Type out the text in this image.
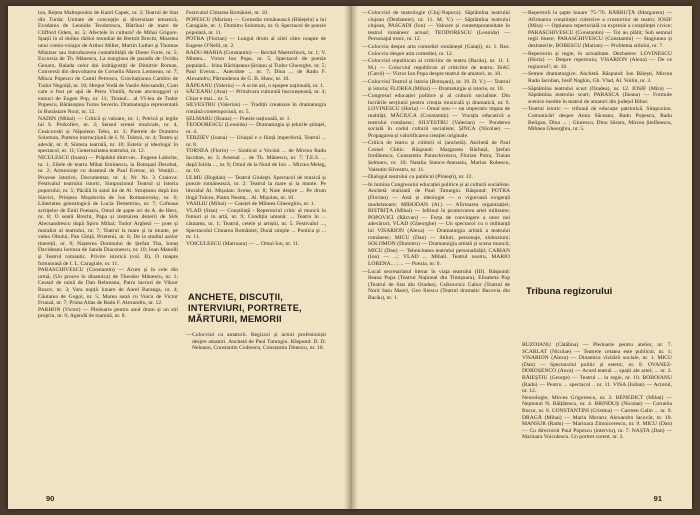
lon, Rețeta Maltopoulos de Karel Capek, nr. 3; Teatrul de Stat din Turda: Unitate de concepție și diversitate tematică, Evadarea de Leonida Teodorescu, Bătrînul de mare de Clifford Odets, nr. 5; Afectele în cultura? de Mihai Grigore. Spații în al doilea război mondial de Bertolt Brecht, Moartea unui comis-voiajor de Arthur Miller, Martin Luther și Thomas Müntzer sau Introducerea contabilității de Dieter Forte, nr. 5; Excursia de Th. Mănescu, La marginea de paradis de Ovidiu Genaru, Balada celor doi îndrăgostiți de Dimitrie Roman, Conversii din dezvoltarea de Corneliu Marcu Lemnean, nr. 7; Mînca Popescu de Camil Petrescu, Gravitațiunea Cambio de Tudor Negoiță, nr. 10; Hrepot Vodă de Vasile Alecsandri, Cum care a fost pe apă de Petru Vintilă, Acute ancinoggori și eunuci de Eugen Pop, nr. 11; Tiranul... al VI-lea de Tudor Popescu, Bărăsoștea Turnu Severin. Dramaturgia reprezentată în Bunăstare Noul, nr. 12.

NADIN (Mihai) — Critică și valoare, nr. 1; Petrică și legile lui S. Prokofiev, nr. 2; Sensul scenei muzicale, nr. 4, Ceaicovski și Năpoleon Tebu, nr. 3; Pietrele de Dumitru Solomon, Puterea instrucțiunii de I. N. Tolstoi, nr. 4; Teatru și adevăr, nr. 8; Sinteza teatrală, nr. 10; Estetic și ideologic în spectacol, nr. 11; Generozitatea teatrului, nr. 12.

NICULESCU (Ioana) — Prăpădul dintr-un... Eugene Labiche, nr. 1; Zilele de teatru Mihai Eminescu, la Botoșani Decebal, nr. 2; Armonioțe cu doamnă de Paul Everac, id. Vestiții... Procese istorice, Documentar, nr. 4; Nr. Nr. 3 Craiova: Festivalul teatrului istoric, Simpozionul Teatrul și Istoria poporului, nr. 5; Păcălă în satul lui de Al. Struțeanu după Ion Slavici, Prințesa Mușdovita de Ion Romanovsky, nr. 6; Libertatea genealogică de Lucia Demetrius, nr. 7; Cofeaua actrițelor de Emil Poenaru, Omul de șapte ori de A. de Herz, nr. 8; O seară Brecht, Papa și instruirea dezerii de Sirk Alecsandrescu după Spiro Mihai; Tudor Arghezi — poet și moralist al teatrului, nr. 7; Teatrul la mare și la munte, pe valea Oltului, Pan Ghiță, Prietenii, nr. 8; De la studiul anilor tinereții, nr. 9; Nașterea Domnului de Ștefan Tita, Ionuț Davideanu lorenza de Sanda Diaconescu, nr. 10; Ioan Manolli și Teatrul romantic. Privire istorică (vol. II), O noapte furtunoasă de I. L. Caragiale, nr. 11.

PARASCHIVESCU (Constantin) — Acum și în cele din urmă, (Un proces în dinamica) de Theodor Mănescu, nr. 1; Ceasul de taină de Dan Rebreanu, Patru lucruri de Viktor Rozov, nr. 3; Vara nopții lunare de Aurel Baranga, nr. 4; Căutarea de Gogol, nr. 5; Marea sună cu Voicu de Victor Frunză, nr. 7; Prima Atlas de Radu F. Alexandru, nr. 12.

PARHON (Victor) — Pledoarie pentru anul drum și un stil propriu, nr. 6; Agendă de toamnă, nr. 8.

Festivalul Cîntarea României, nr. 10.

POPESCU (Marian) — Comedia românească (Băiețelul a lui Caragiale, nr. 1; Dumitru Solomon, nr. 6; Spectacol de poezie populară, nr. 11.

POTRA (Florian) — Lungul drum al zilei către noapte de Eugene O'Neill, nr. 2.

RADU-MARIA (Constantin) — Recital Maeterlinck, nr. 1; V. Minteu... Victor Ion Popa, nr. 5; Spectacol de poezie populară... Irina Răchițeanu-Șirianu și Tudor Gheorghe, nr. 5; Paul Everac... Anecdote ... nr. 7; Dina ... de Radu F. Alexandru; Pătrunderea de G. B. Shaw, nr. 10.

RĂPEANU (Valeriu) — A scrie azi, o epopee națională, nr. 1.

SĂCEANU (Ana) — Primăvara culturală bucureșteană, nr. 4; Chiar e mai... nr. 5.

SILVESTRU (Valerian) — Tradiții creatoare în dramaturgia română contemporană, nr. 5.

ȘELMARU (Ileana) — Poezie națională, nr. 1.

TEODORESCU (Leonida) — Dramaturgia și țelurile științei, nr. 4.

TERZIEV (Ioana) — Uriașul e o ființă imperfectă, Teatrul ... nr. 8.

TORNEA (Florin) — Sindicul a Vecinii ... de Mircea Radu Iacoban, nr. 3; Arsenal ... de Th. Mănescu, nr. 7; T.E.S. ... după Iolida ..., nr. 9; Omul de la Nord de Ion ... Mircea Meleg, nr. 10.

ULMU (Bogdan) — Teatrul Giuleşti. Spectacol de muzică și poezie românească, nr. 2; Teatrul la mare și la munte. Pe litoralul Al. Mișulan: Scene, nr. 8; Note despre ... Pe drum lîngă Tulcea, Piatra Neamț... Al. Mișulan, nr. 10.

VASILIU (Mihai) — Caiețel de Mihnea Gheorghiu, nr. 1.

VLAD (Stan) — Conștiință - Repertoriul critic al muncii în fumuri și în artă, nr. 9; Condiția umană: ... Teatru în ... căutarea, nr. 1; Teatrul, cetele și artiștii, nr. 5. Festivalul ..., Spectacolul Cîntarea României; Dună simple ... Pontica și ... nr. 11.

VOICULESCU (Marioara) — ... Omul Ion, nr. 11.

ANCHETE, DISCUȚII, INTERVIURI, PORTRETE, MĂRTURII, MEMORII
— Colocviul cu amatorii. Regizori și actori profesioniști despre amatori. Anchetă de Paul Tutungiu. Răspund: D. D. Neleanu, Constantin Codrescu, Constantin Dinescu, nr. 10.
90
— Colocviul de teatrologie (Cluj-Napoca). Săptămîna teatrului clujean (Dezbatere), nr. 11. M. V.) — Săptămîna teatrului clujean, PASCADI (Ion) — Valoare și contemporaneitate în teatrul românesc actual; TEODORESCU (Leonida) — Personajul eroic, nr. 12.
— Colocviu despre arta comediei românești (Galați), nr. 1. Rez. Colocviu despre arta comediei, nr. 12.
— Colocviul republican al criticilor de teatru (Bacău), nr. 11. I. M.) — Colocviul republican al criticilor de teatru; ISAC (Carol) — Victor Ion Popa despre teatrul de amatori, nr. 10.
— Colocviul Teatrul și istoria (Botoșani), nr. 10. D. V.) — Teatrul și istoria; FLOREA (Mihai) — Dramaturgie și istorie, nr. 10.
— Congresul educației politice și al culturii socialiste. Din lucrările secțiunii pentru creația muzicală și dramatică, nr. 6. LOVINESCU (Horia) — Omul nou — un imperativ impus de realități; MĂCIUCA (Constantin) — Vocația educativă a teatrului românesc; SILVESTRU (Valerian) — Ponderea socială în codul culturii socialiste; ȘINCA (Nicolae) — Propagarea și valorificarea creației originale.
— Critica de teatru și cititorii ei (anchetă). Anchetă de Paul Cornel Chitic. Răspund: Margareta Bărbuță, Ștefan Iordănescu, Constantin Paraschivescu, Florian Potra, Traian Șelmaru, nr. 10; Natalia Stancu-Atanasiu, Marius Robescu, Valentin Silvestru, nr. 11.
— Dialogul teatrului cu publicul (Ploiești), nr. 12.
— In lumina Congresului educației politice și al culturii socialiste. Anchetă realizată de Paul Tutungiu. Răspund: POTRA (Florian) — Artă și ideologie — o viguroasă exigență modelatoare; MIHODAN (Al.) — Afirmarea organizației; BISTRIȚA (Mihai) — Ieftinul în promovarea artei militante; POPOVICI (Răzvan) — Forța de convingere a unor noi adevăruri; VLAD (Gheorghe) — Un spectacol cu o militanță lui VISARION (Alexa) — Dramaturgia artistă a teatrului românesc; MICU (Dan) — Stiluri, personaje, sloboziuni; SOLOMON (Dumitru) — Dramaturgia artistă și scena muncii; MICU (Dan) — Tehnicitatea teatrului personalității; CARIAN (Ion) — ...; VLAD ... Mihail. Teatrul nostru, MARIO LORENA... ; ... — Poezia, nr. 6.
— Local secretariatul literar în viața teatrului (III). Răspund: Ileana Popa (Teatrul Național din Timișoara), Elisabeta Pop (Teatrul de Stat din Oradea), Csiknovicz Gabor (Teatrul de Nord Satu Mare), Geo Iliescu (Teatrul dramatic Bacovia din Bacău), nr. 1.
— Repertorii la șapte lunare '75-'76. BĂRBUȚĂ (Margareta) — Afirmarea conștiinței colective a creatorilor de teatru; IOSIF (Mira) — Opțiunea repertorială ca expresie a conștiinței civice; PARASCHIVESCU (Constantin) — Tot au plătit; Sub semnul regii tinere; PARASCHIVESCU (Constantin) — Stagiunea și dezbaterile; BOBESCU (Marian) — Problema stilului, nr. 7.
— Repertoriu și regie, în actualitate. Dezbatere. LOVINESCU (Horia) — Despre repertoriu; VISARION (Alexa) — De ce regizorul?, nr. 10.
— Semne dramaturgice. Anchetă. Răspund: Ion Băiești, Mircea Radu Iacoban, Iosif Naghiu, Gh. Vlad, Al. Voitin, nr. 3.
— Săptămîna teatrului scurt (Oradea), nr. 12. IOSIF (Mira) — Săptămîna teatrului scurt; PARASCA (Ileana) — Formule scenice inedite în teatrul de amatori din județul Bihor.
— Teatrul istoric — tribună de educație patriotică. Simpozion. Comunicări despre Anna Săceanu, Radu Popescu, Radu Beligan, Dina ... ; Giurescu, Dinu Săraru, Mircea Ștefănescu, Mihnea Gheorghiu, nr. 5.
Tribuna regizorului

BUZOIANU (Cătălina) — Pledoarie pentru atelier, nr. 7. SCARLAT (Nicolae) — Teatrele cetatea este publicul, nr. 1; VISARION (Alexa) — Dinamica vizitării sociale, nr. 1. MICU (Dan) — Spectacolul politic și estetic, nr. 8. OVANEZ-DOROȘENCO (Anca) — Acord teatral ... spații ale artei; ... nr. 2. BĂIEȘTIU (George) — Teatrul ... la regie, nr. 10. ROBOIANU (Radu) — Pentru ... spectacol .. nr. 11. VISA (Iulian) — Actorul, nr. 12.

Neurologie; Mircea Grigorescu, nr. 3. BENEDICT (Mihai) — Neptunul N. Bălțătescu, nr. 4. BRINDUȘ (Nicolae) — Cornelia Bucur, nr. 8. CONSTANTINI (Cristina) — Carmen Galin ... nr. 9. DRAGĂ (Mihai) — Marin Moraru; Alexandru Iacovăr, nr. 10. MANSUR (Radu) — Marioara Zimnicerescu, nr. 9. MICU (Dan) — Cu directorul Paul Popescu (interviu), nr. 7. NAȘTA (Dan) — Marioara Voiculescu. Un portret curent, nr. 3.

91
